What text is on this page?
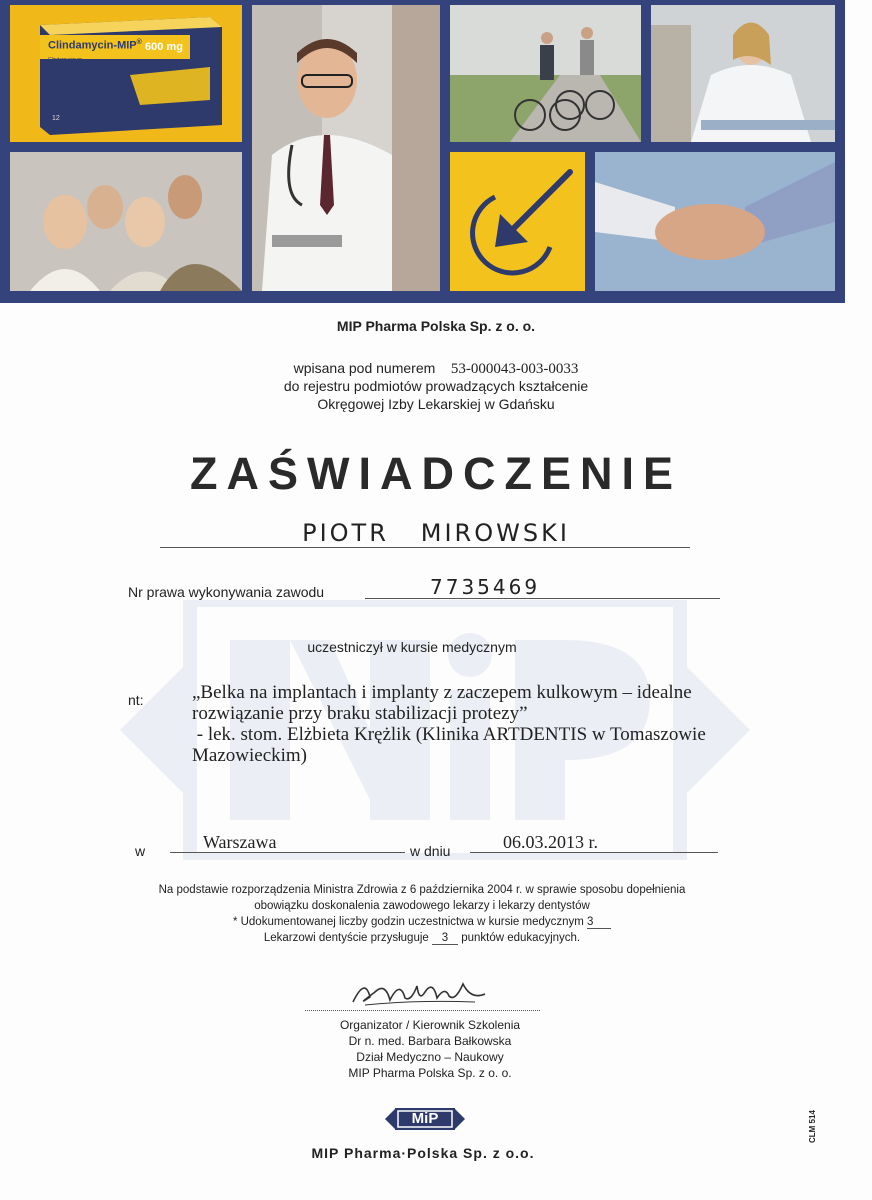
Clindamycin-MIP® 600 mg
Clindamycinum
12
MIP Pharma Polska Sp. z o. o.
wpisana pod numerem 53-000043-003-0033
do rejestru podmiotów prowadzących kształcenie
Okręgowej Izby Lekarskiej w Gdańsku
ZAŚWIADCZENIE
PIOTR   MIROWSKI
Nr prawa wykonywania zawodu	7735469
uczestniczył w kursie medycznym
nt:	„Belka na implantach i implanty z zaczepem kulkowym – idealne
rozwiązanie przy braku stabilizacji protezy”
- lek. stom. Elżbieta Krężlik (Klinika ARTDENTIS w Tomaszowie
Mazowieckim)
w	Warszawa	w dniu	06.03.2013 r.
Na podstawie rozporządzenia Ministra Zdrowia z 6 października 2004 r. w sprawie sposobu dopełnienia
obowiązku doskonalenia zawodowego lekarzy i lekarzy dentystów
* Udokumentowanej liczby godzin uczestnictwa w kursie medycznym 3
Lekarzowi dentyście przysługuje 3 punktów edukacyjnych.
Organizator / Kierownik Szkolenia
Dr n. med. Barbara Bałkowska
Dział Medyczno – Naukowy
MIP Pharma Polska Sp. z o. o.
MiP
MIP Pharma·Polska Sp. z o.o.
CLM 514
